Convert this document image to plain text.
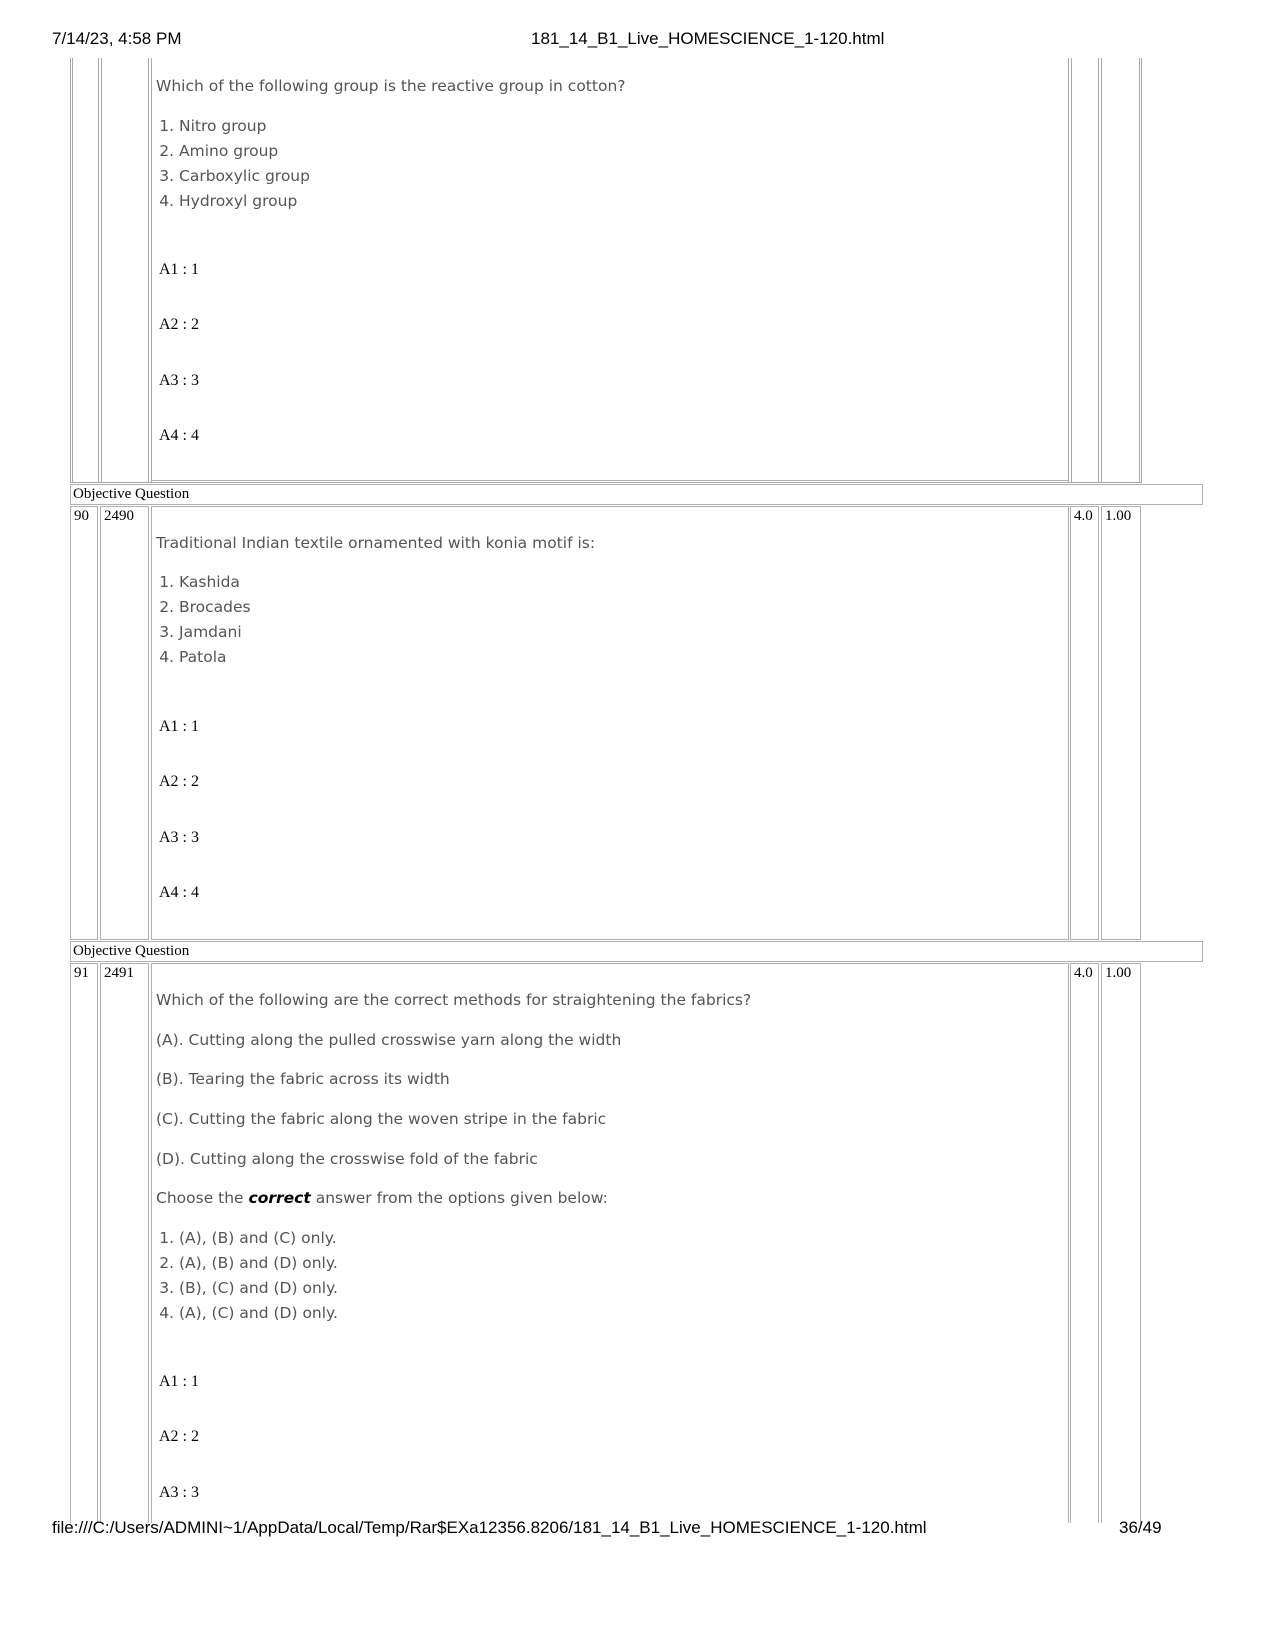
7/14/23, 4:58 PM	181_14_B1_Live_HOMESCIENCE_1-120.html
Which of the following group is the reactive group in cotton?
1. Nitro group
2. Amino group
3. Carboxylic group
4. Hydroxyl group
A1 : 1
A2 : 2
A3 : 3
A4 : 4
Objective Question
90	2490	4.0 1.00
Traditional Indian textile ornamented with konia motif is:
1. Kashida
2. Brocades
3. Jamdani
4. Patola
A1 : 1
A2 : 2
A3 : 3
A4 : 4
Objective Question
91	2491	4.0 1.00
Which of the following are the correct methods for straightening the fabrics?
(A). Cutting along the pulled crosswise yarn along the width
(B). Tearing the fabric across its width
(C). Cutting the fabric along the woven stripe in the fabric
(D). Cutting along the crosswise fold of the fabric
Choose the correct answer from the options given below:
1. (A), (B) and (C) only.
2. (A), (B) and (D) only.
3. (B), (C) and (D) only.
4. (A), (C) and (D) only.
A1 : 1
A2 : 2
A3 : 3
file:///C:/Users/ADMINI~1/AppData/Local/Temp/Rar$EXa12356.8206/181_14_B1_Live_HOMESCIENCE_1-120.html	36/49
